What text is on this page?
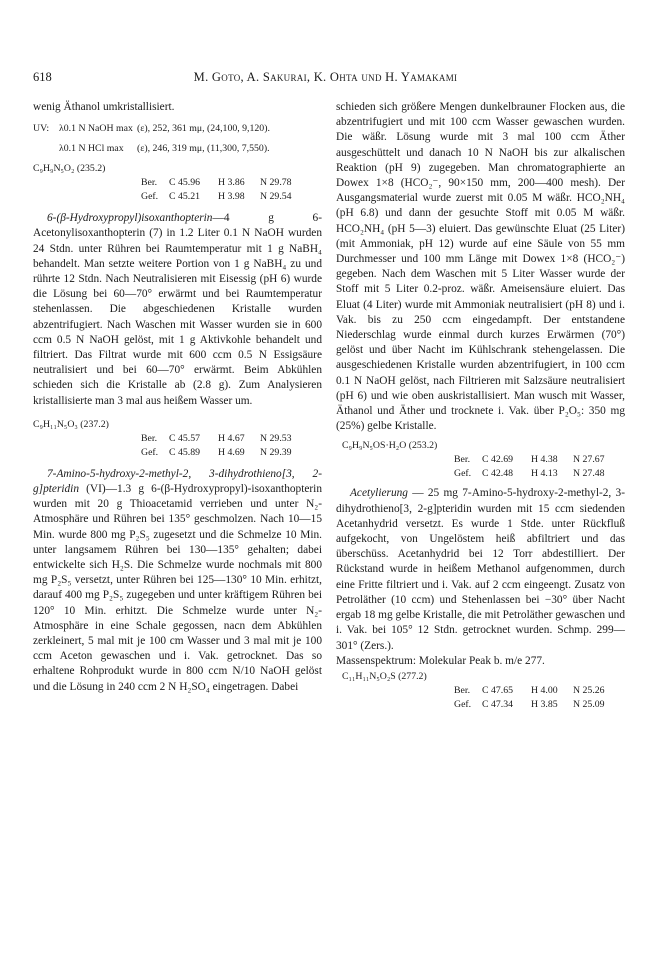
618	M. Goto, A. Sakurai, K. Ohta und H. Yamakami

wenig Äthanol umkristallisiert.

UV: λ0.1 N NaOH max (ε), 252, 361 mμ, (24,100, 9,120).
λ0.1 N HCl max (ε), 246, 319 mμ, (11,300, 7,550).
C₉H₉N₅O₂ (235.2)
Ber. C 45.96 H 3.86 N 29.78
Gef. C 45.21 H 3.98 N 29.54

6-(β-Hydroxypropyl)isoxanthopterin—4 g 6-Acetonylisoxanthopterin (7) in 1.2 Liter 0.1 N NaOH wurden 24 Stdn. unter Rühren bei Raumtemperatur mit 1 g NaBH₄ behandelt. Man setzte weitere Portion von 1 g NaBH₄ zu und rührte 12 Stdn. Nach Neutralisieren mit Eisessig (pH 6) wurde die Lösung bei 60—70° erwärmt und bei Raumtemperatur stehenlassen. Die abgeschiedenen Kristalle wurden abzentrifugiert. Nach Waschen mit Wasser wurden sie in 600 ccm 0.5 N NaOH gelöst, mit 1 g Aktivkohle behandelt und filtriert. Das Filtrat wurde mit 600 ccm 0.5 N Essigsäure neutralisiert und bei 60—70° erwärmt. Beim Abkühlen schieden sich die Kristalle ab (2.8 g). Zum Analysieren kristallisierte man 3 mal aus heißem Wasser um.

C₉H₁₁N₅O₃ (237.2)
Ber. C 45.57 H 4.67 N 29.53
Gef. C 45.89 H 4.69 N 29.39

7-Amino-5-hydroxy-2-methyl-2, 3-dihydrothieno[3, 2-g]pteridin (VI)—1.3 g 6-(β-Hydroxypropyl)-isoxanthopterin wurden mit 20 g Thioacetamid verrieben und unter N₂-Atmosphäre und Rühren bei 135° geschmolzen. Nach 10—15 Min. wurde 800 mg P₂S₅ zugesetzt und die Schmelze 10 Min. unter langsamem Rühren bei 130—135° gehalten; dabei entwickelte sich H₂S. Die Schmelze wurde nochmals mit 800 mg P₂S₅ versetzt, unter Rühren bei 125—130° 10 Min. erhitzt, darauf 400 mg P₂S₅ zugegeben und unter kräftigem Rühren bei 120° 10 Min. erhitzt. Die Schmelze wurde unter N₂-Atmosphäre in eine Schale gegossen, nacn dem Abkühlen zerkleinert, 5 mal mit je 100 cm Wasser und 3 mal mit je 100 ccm Aceton gewaschen und i. Vak. getrocknet. Das so erhaltene Rohprodukt wurde in 800 ccm N/10 NaOH gelöst und die Lösung in 240 ccm 2 N H₂SO₄ eingetragen. Dabei

schieden sich größere Mengen dunkelbrauner Flocken aus, die abzentrifugiert und mit 100 ccm Wasser gewaschen wurden. Die wäßr. Lösung wurde mit 3 mal 100 ccm Äther ausgeschüttelt und danach 10 N NaOH bis zur alkalischen Reaktion (pH 9) zugegeben. Man chromatographierte an Dowex 1×8 (HCO₂⁻, 90×150 mm, 200—400 mesh). Der Ausgangsmaterial wurde zuerst mit 0.05 M wäßr. HCO₂NH₄ (pH 6.8) und dann der gesuchte Stoff mit 0.05 M wäßr. HCO₂NH₄ (pH 5—3) eluiert. Das gewünschte Eluat (25 Liter) (mit Ammoniak, pH 12) wurde auf eine Säule von 55 mm Durchmesser und 100 mm Länge mit Dowex 1×8 (HCO₂⁻) gegeben. Nach dem Waschen mit 5 Liter Wasser wurde der Stoff mit 5 Liter 0.2-proz. wäßr. Ameisensäure eluiert. Das Eluat (4 Liter) wurde mit Ammoniak neutralisiert (pH 8) und i. Vak. bis zu 250 ccm eingedampft. Der entstandene Niederschlag wurde einmal durch kurzes Erwärmen (70°) gelöst und über Nacht im Kühlschrank stehengelassen. Die ausgeschiedenen Kristalle wurden abzentrifugiert, in 100 ccm 0.1 N NaOH gelöst, nach Filtrieren mit Salzsäure neutralisiert (pH 6) und wie oben auskristallisiert. Man wusch mit Wasser, Äthanol und Äther und trocknete i. Vak. über P₂O₅: 350 mg (25%) gelbe Kristalle.

C₉H₉N₅OS·H₂O (253.2)
Ber. C 42.69 H 4.38 N 27.67
Gef. C 42.48 H 4.13 N 27.48

Acetylierung — 25 mg 7-Amino-5-hydroxy-2-methyl-2, 3-dihydrothieno[3, 2-g]pteridin wurden mit 15 ccm siedenden Acetanhydrid versetzt. Es wurde 1 Stde. unter Rückfluß aufgekocht, von Ungelöstem heiß abfiltriert und das überschüss. Acetanhydrid bei 12 Torr abdestilliert. Der Rückstand wurde in heißem Methanol aufgenommen, durch eine Fritte filtriert und i. Vak. auf 2 ccm eingeengt. Zusatz von Petroläther (10 ccm) und Stehenlassen bei −30° über Nacht ergab 18 mg gelbe Kristalle, die mit Petroläther gewaschen und i. Vak. bei 105° 12 Stdn. getrocknet wurden. Schmp. 299—301° (Zers.).

Massenspektrum: Molekular Peak b. m/e 277.

C₁₁H₁₁N₅O₂S (277.2)
Ber. C 47.65 H 4.00 N 25.26
Gef. C 47.34 H 3.85 N 25.09
